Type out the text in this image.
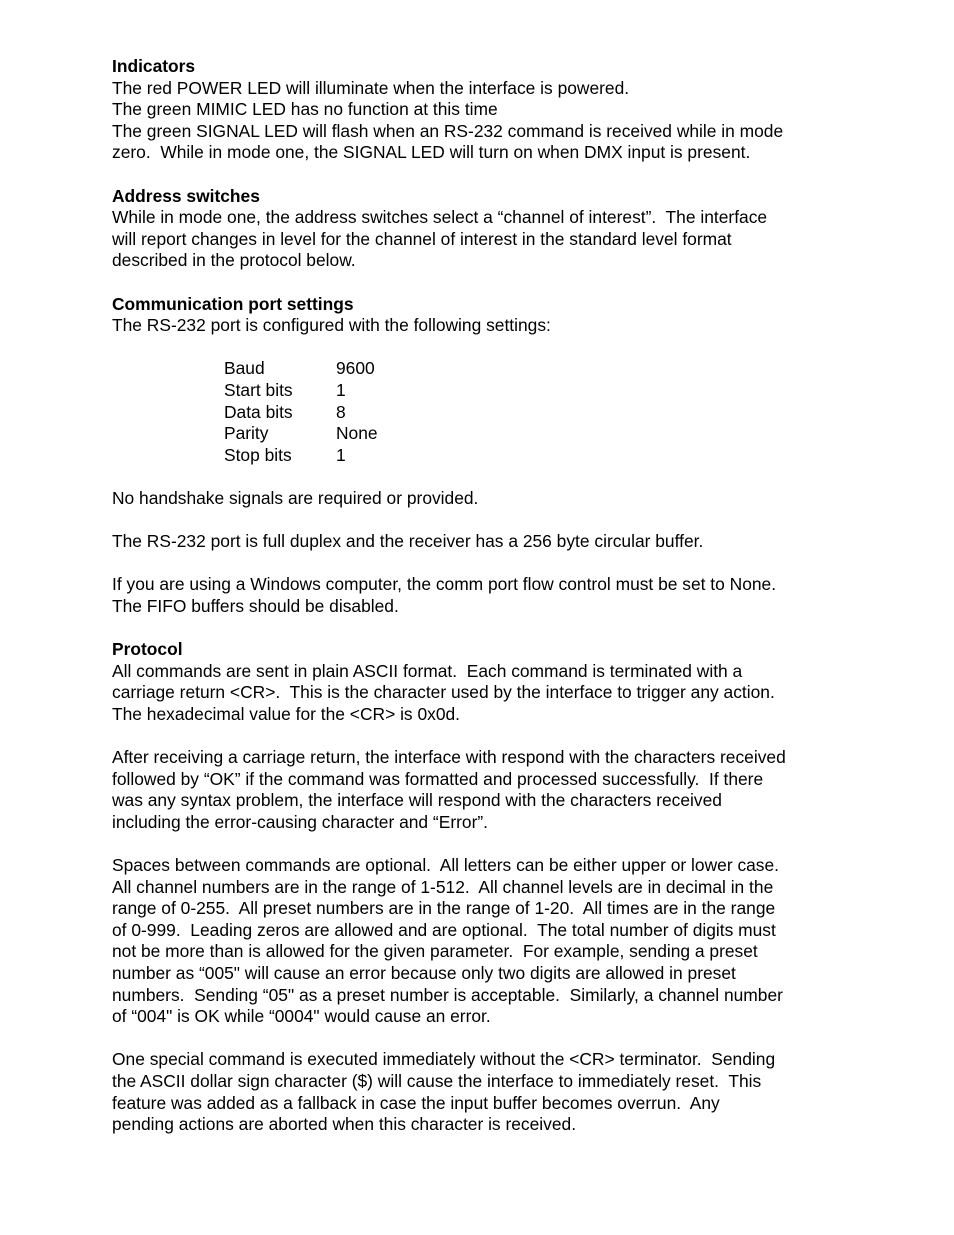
Indicators
The red POWER LED will illuminate when the interface is powered.
The green MIMIC LED has no function at this time
The green SIGNAL LED will flash when an RS-232 command is received while in mode
zero.  While in mode one, the SIGNAL LED will turn on when DMX input is present.
Address switches
While in mode one, the address switches select a “channel of interest”.  The interface
will report changes in level for the channel of interest in the standard level format
described in the protocol below.
Communication port settings
The RS-232 port is configured with the following settings:
Baud	9600
Start bits	1
Data bits	8
Parity	None
Stop bits	1
No handshake signals are required or provided.
The RS-232 port is full duplex and the receiver has a 256 byte circular buffer.
If you are using a Windows computer, the comm port flow control must be set to None.
The FIFO buffers should be disabled.
Protocol
All commands are sent in plain ASCII format.  Each command is terminated with a
carriage return <CR>.  This is the character used by the interface to trigger any action.
The hexadecimal value for the <CR> is 0x0d.
After receiving a carriage return, the interface with respond with the characters received
followed by “OK” if the command was formatted and processed successfully.  If there
was any syntax problem, the interface will respond with the characters received
including the error-causing character and “Error”.
Spaces between commands are optional.  All letters can be either upper or lower case.
All channel numbers are in the range of 1-512.  All channel levels are in decimal in the
range of 0-255.  All preset numbers are in the range of 1-20.  All times are in the range
of 0-999.  Leading zeros are allowed and are optional.  The total number of digits must
not be more than is allowed for the given parameter.  For example, sending a preset
number as “005" will cause an error because only two digits are allowed in preset
numbers.  Sending “05" as a preset number is acceptable.  Similarly, a channel number
of “004" is OK while “0004" would cause an error.
One special command is executed immediately without the <CR> terminator.  Sending
the ASCII dollar sign character ($) will cause the interface to immediately reset.  This
feature was added as a fallback in case the input buffer becomes overrun.  Any
pending actions are aborted when this character is received.
